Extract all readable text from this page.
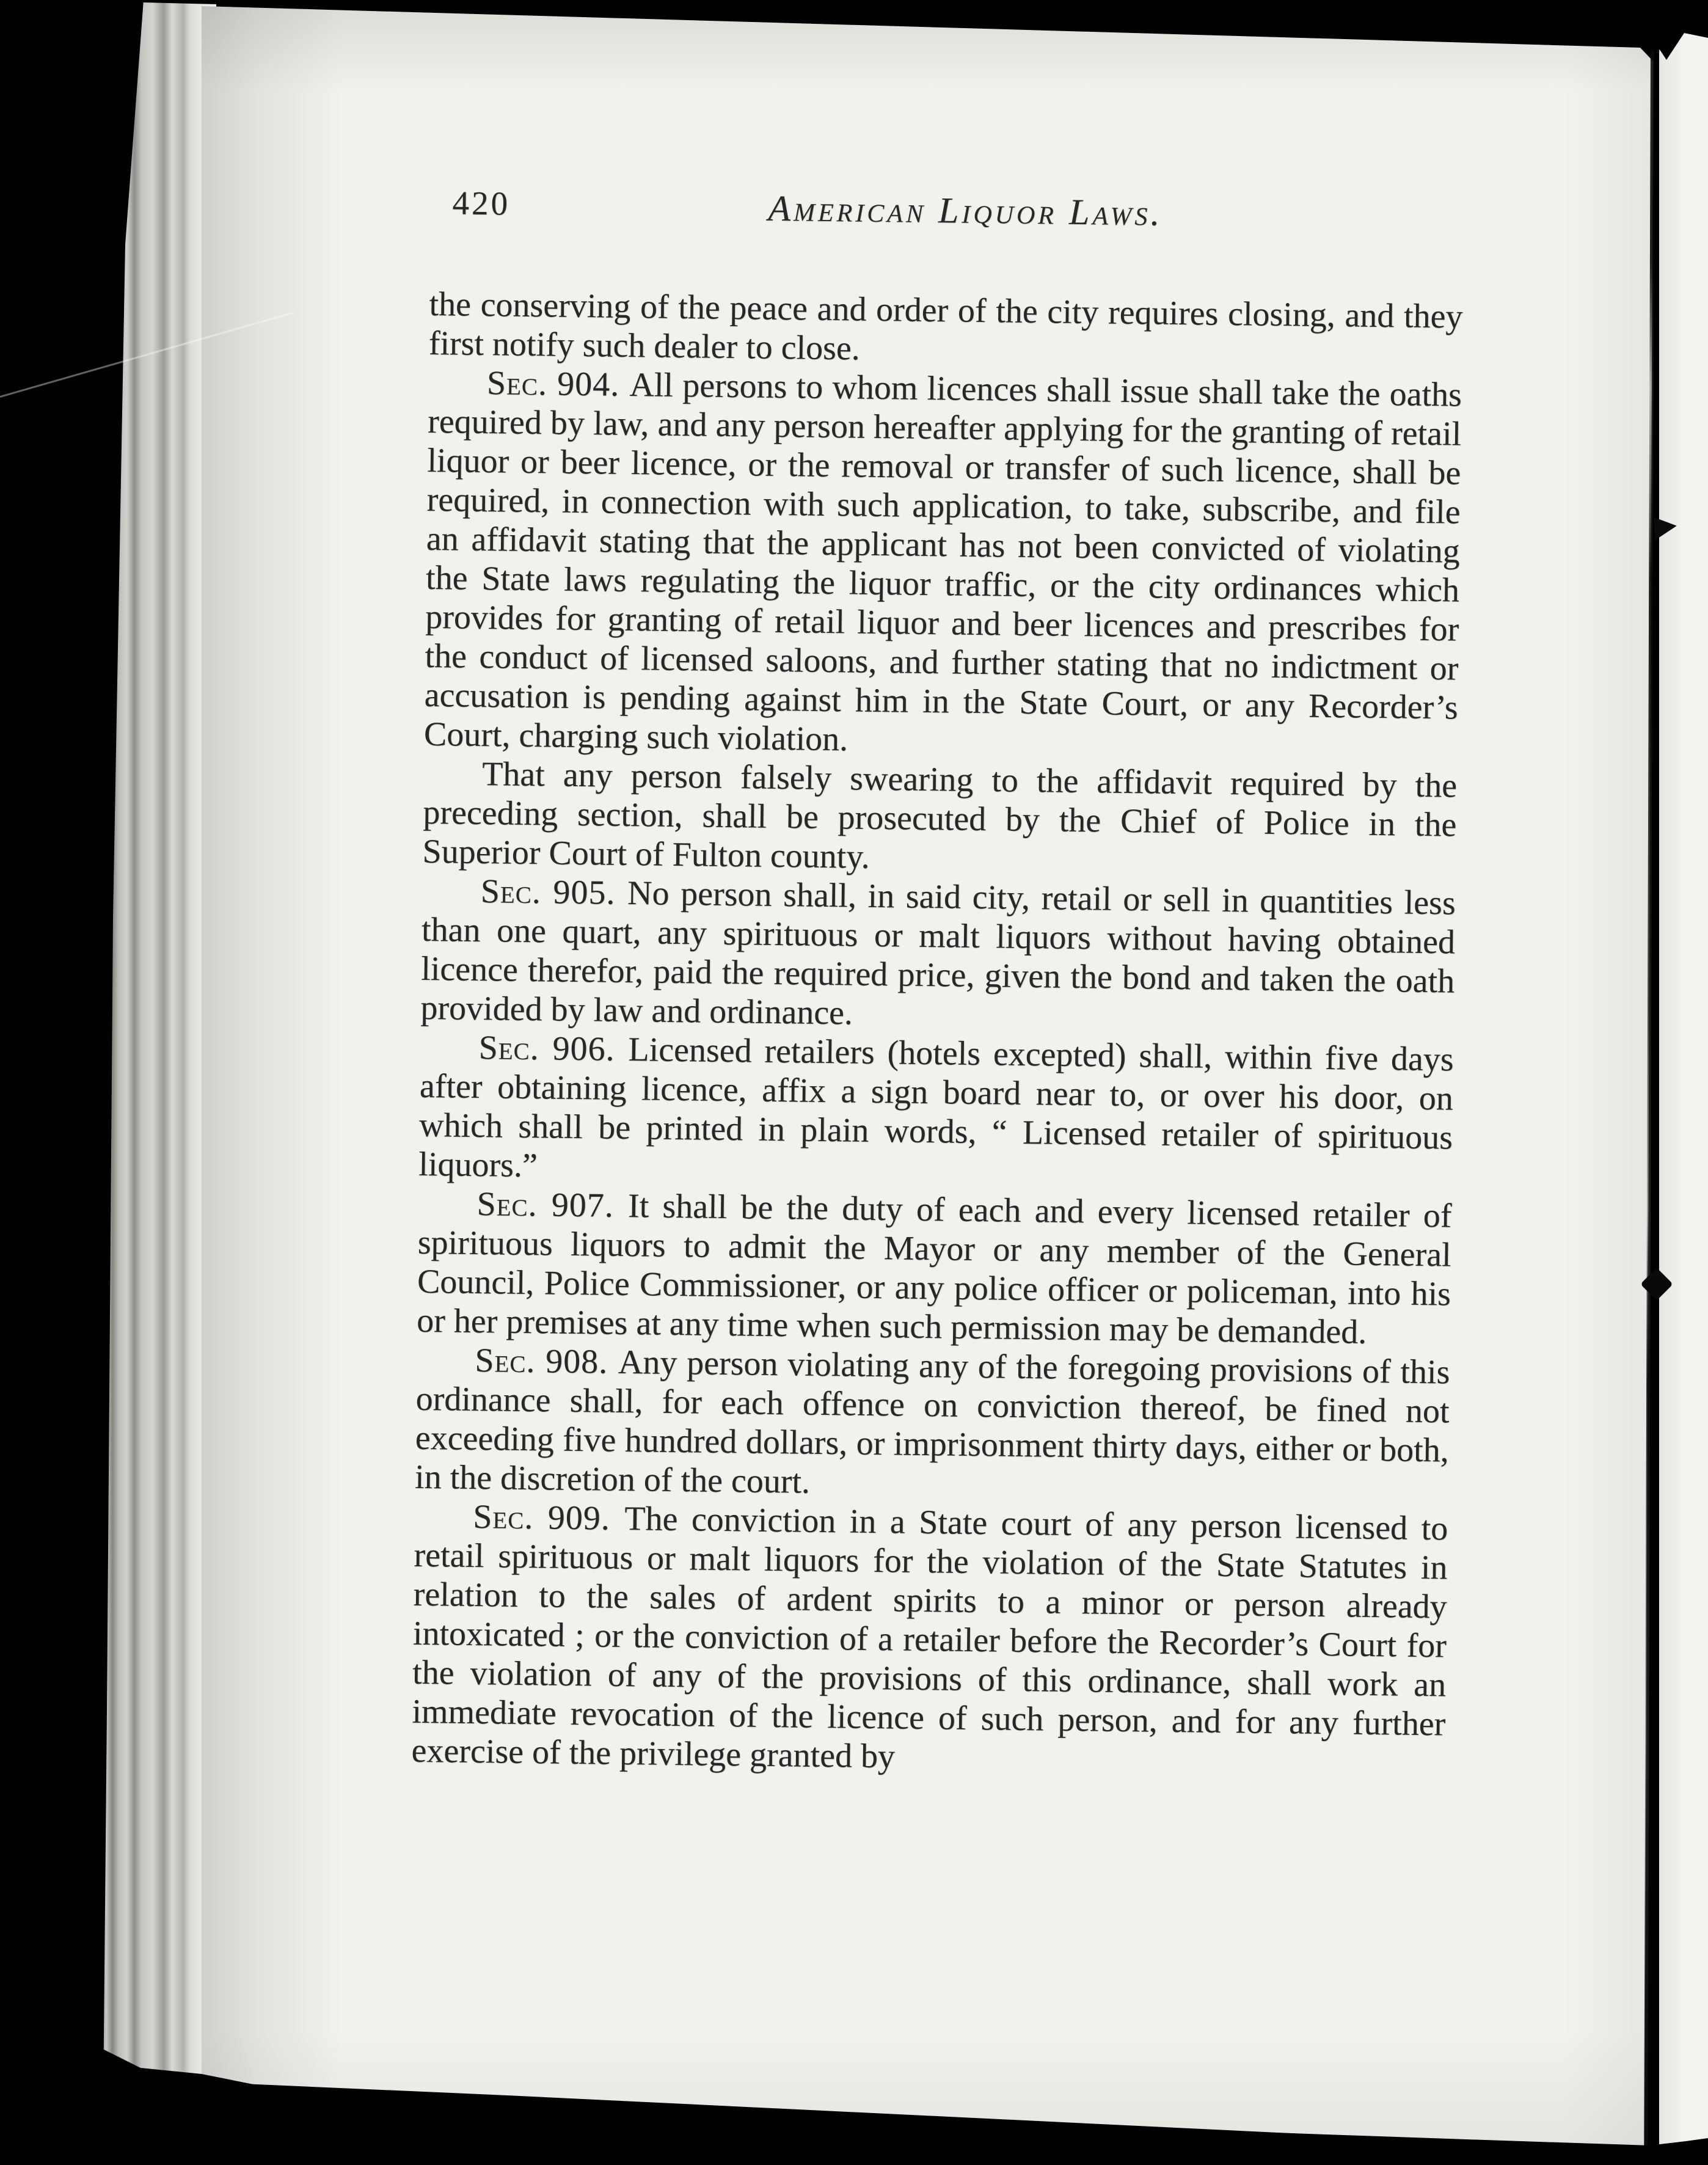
420	American Liquor Laws.

the conserving of the peace and order of the city requires closing, and they first notify such dealer to close.

Sec. 904. All persons to whom licences shall issue shall take the oaths required by law, and any person hereafter applying for the granting of retail liquor or beer licence, or the removal or transfer of such licence, shall be required, in connection with such application, to take, subscribe, and file an affidavit stating that the applicant has not been convicted of violating the State laws regulating the liquor traffic, or the city ordinances which provides for granting of retail liquor and beer licences and prescribes for the conduct of licensed saloons, and further stating that no indictment or accusation is pending against him in the State Court, or any Recorder’s Court, charging such violation.

That any person falsely swearing to the affidavit required by the preceding section, shall be prosecuted by the Chief of Police in the Superior Court of Fulton county.

Sec. 905. No person shall, in said city, retail or sell in quantities less than one quart, any spirituous or malt liquors without having obtained licence therefor, paid the required price, given the bond and taken the oath provided by law and ordinance.

Sec. 906. Licensed retailers (hotels excepted) shall, within five days after obtaining licence, affix a sign board near to, or over his door, on which shall be printed in plain words, “ Licensed retailer of spirituous liquors.”

Sec. 907. It shall be the duty of each and every licensed retailer of spirituous liquors to admit the Mayor or any member of the General Council, Police Commissioner, or any police officer or policeman, into his or her premises at any time when such permission may be demanded.

Sec. 908. Any person violating any of the foregoing provisions of this ordinance shall, for each offence on conviction thereof, be fined not exceeding five hundred dollars, or imprisonment thirty days, either or both, in the discretion of the court.

Sec. 909. The conviction in a State court of any person licensed to retail spirituous or malt liquors for the violation of the State Statutes in relation to the sales of ardent spirits to a minor or person already intoxicated ; or the conviction of a retailer before the Recorder’s Court for the violation of any of the provisions of this ordinance, shall work an immediate revocation of the licence of such person, and for any further exercise of the privilege granted by
